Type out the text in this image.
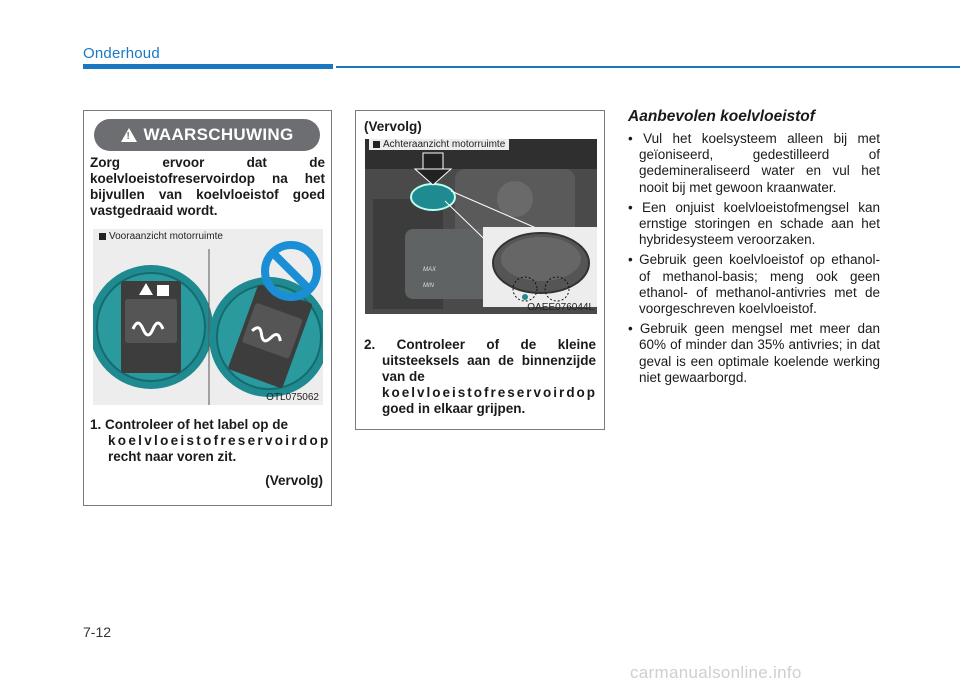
Onderhoud
! WAARSCHUWING
Zorg ervoor dat de koelvloeistofreservoirdop na het bijvullen van koelvloeistof goed vastgedraaid wordt.
Vooraanzicht motorruimte
OTL075062
1. Controleer of het label op de
koelvloeistofreservoirdop
recht naar voren zit.
(Vervolg)
(Vervolg)
MAX
MIN
Achteraanzicht motorruimte
OAEE076044L
2. Controleer of de kleine uitsteeksels aan de binnenzijde van de
koelvloeistofreservoirdop
goed in elkaar grijpen.
Aanbevolen koelvloeistof
• Vul het koelsysteem alleen bij met geïoniseerd, gedestilleerd of gedemineraliseerd water en vul het nooit bij met gewoon kraanwater.
• Een onjuist koelvloeistofmengsel kan ernstige storingen en schade aan het hybridesysteem veroorzaken.
• Gebruik geen koelvloeistof op ethanol- of methanol-basis; meng ook geen ethanol- of methanol-antivries met de voorgeschreven koelvloeistof.
• Gebruik geen mengsel met meer dan 60% of minder dan 35% antivries; in dat geval is een optimale koelende werking niet gewaarborgd.
7-12
carmanualsonline.info
